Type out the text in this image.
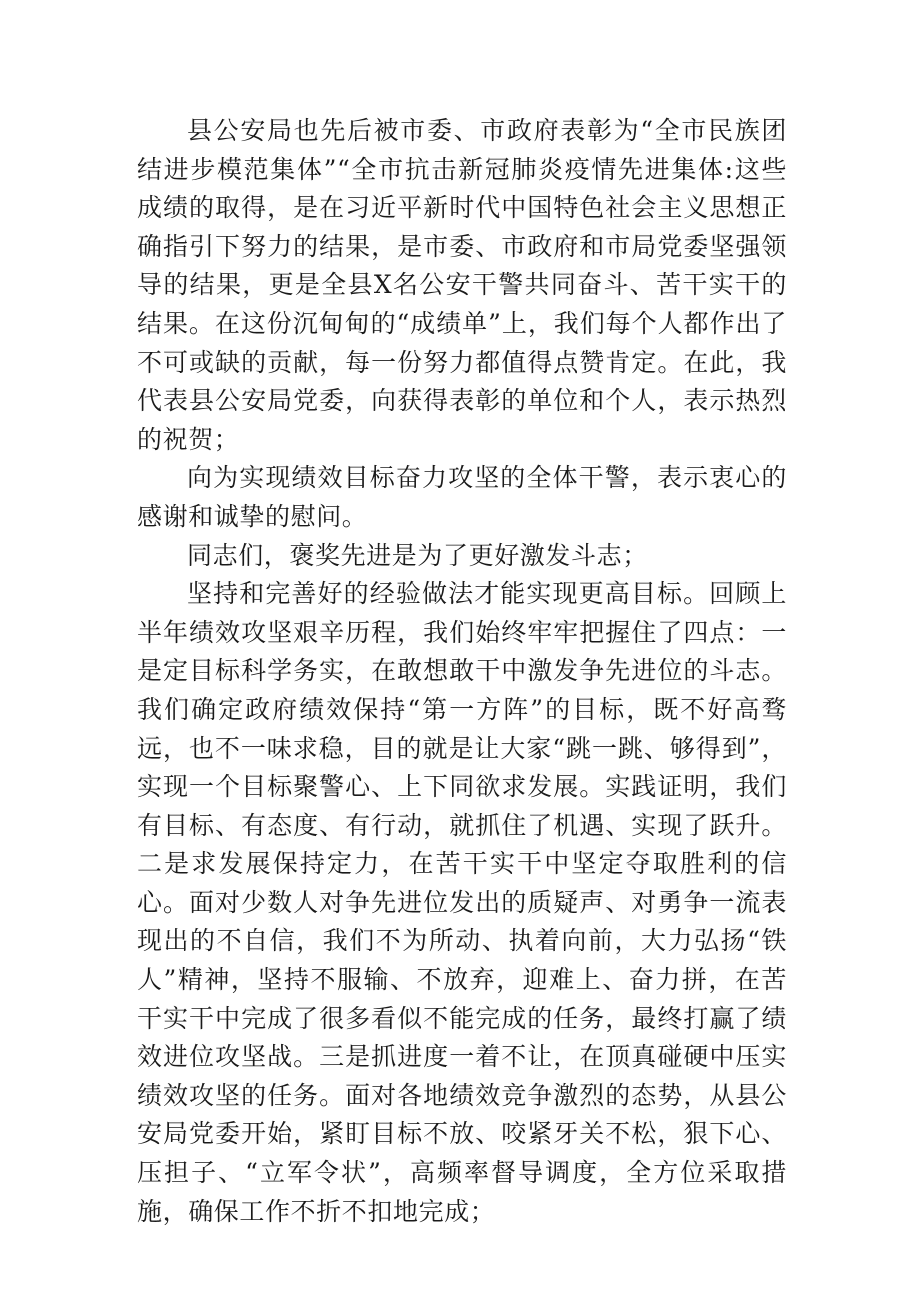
县公安局也先后被市委、市政府表彰为“全市民族团结进步模范集体”“全市抗击新冠肺炎疫情先进集体:这些成绩的取得，是在习近平新时代中国特色社会主义思想正确指引下努力的结果，是市委、市政府和市局党委坚强领导的结果，更是全县X名公安干警共同奋斗、苦干实干的结果。在这份沉甸甸的“成绩单”上，我们每个人都作出了不可或缺的贡献，每一份努力都值得点赞肯定。在此，我代表县公安局党委，向获得表彰的单位和个人，表示热烈的祝贺；

向为实现绩效目标奋力攻坚的全体干警，表示衷心的感谢和诚挚的慰问。

同志们，褒奖先进是为了更好激发斗志；

坚持和完善好的经验做法才能实现更高目标。回顾上半年绩效攻坚艰辛历程，我们始终牢牢把握住了四点：一是定目标科学务实，在敢想敢干中激发争先进位的斗志。我们确定政府绩效保持“第一方阵”的目标，既不好高骛远，也不一味求稳，目的就是让大家“跳一跳、够得到”，实现一个目标聚警心、上下同欲求发展。实践证明，我们有目标、有态度、有行动，就抓住了机遇、实现了跃升。二是求发展保持定力，在苦干实干中坚定夺取胜利的信心。面对少数人对争先进位发出的质疑声、对勇争一流表现出的不自信，我们不为所动、执着向前，大力弘扬“铁人”精神，坚持不服输、不放弃，迎难上、奋力拼，在苦干实干中完成了很多看似不能完成的任务，最终打赢了绩效进位攻坚战。三是抓进度一着不让，在顶真碰硬中压实绩效攻坚的任务。面对各地绩效竞争激烈的态势，从县公安局党委开始，紧盯目标不放、咬紧牙关不松，狠下心、压担子、“立军令状”，高频率督导调度，全方位采取措施，确保工作不折不扣地完成；
